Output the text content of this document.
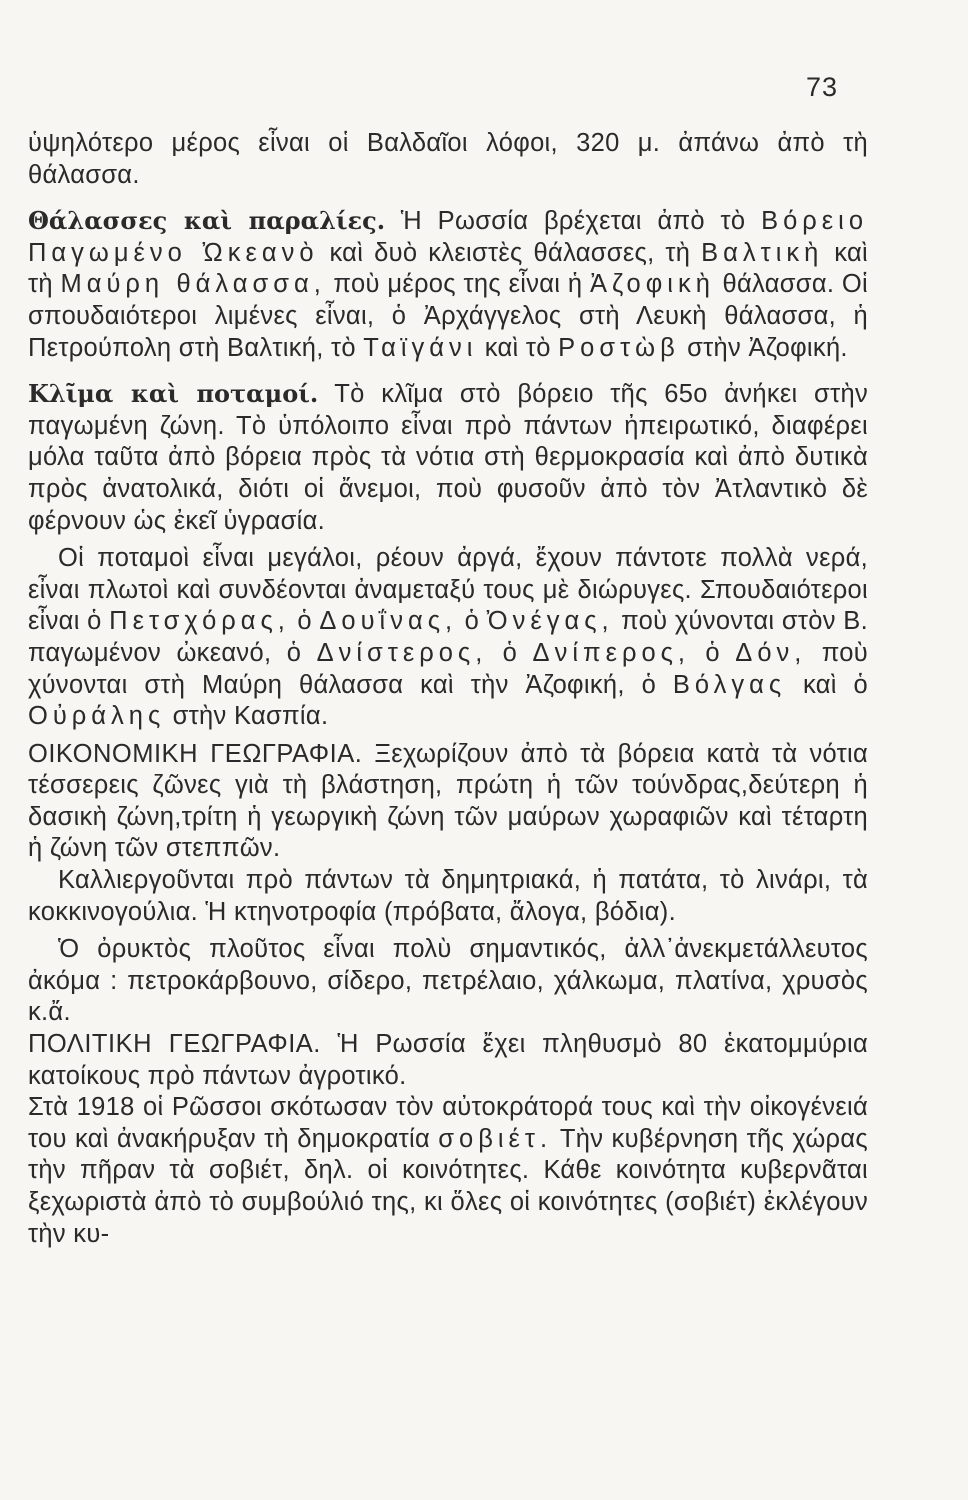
73

ὑψηλότερο μέρος εἶναι οἱ Βαλδαῖοι λόφοι, 320 μ. ἀπάνω ἀπὸ τὴ θάλασσα.

Θάλασσες καὶ παραλίες. Ἡ Ρωσσία βρέχεται ἀπὸ τὸ Βόρειο Παγωμένο Ὠκεανὸ καὶ δυὸ κλειστὲς θάλασσες, τὴ Βαλτικὴ καὶ τὴ Μαύρη θάλασσα, ποὺ μέρος της εἶναι ἡ Ἀζοφικὴ θάλασσα. Οἱ σπουδαιότεροι λιμένες εἶναι, ὁ Ἀρχάγγελος στὴ Λευκὴ θάλασσα, ἡ Πετρούπολη στὴ Βαλτική, τὸ Ταϊγάνι καὶ τὸ Ροστὼβ στὴν Ἀζοφική.

Κλῖμα καὶ ποταμοί. Τὸ κλῖμα στὸ βόρειο τῆς 65ο ἀνήκει στὴν παγωμένη ζώνη. Τὸ ὑπόλοιπο εἶναι πρὸ πάντων ἠπειρωτικό, διαφέρει μόλα ταῦτα ἀπὸ βόρεια πρὸς τὰ νότια στὴ θερμοκρασία καὶ ἀπὸ δυτικὰ πρὸς ἀνατολικά, διότι οἱ ἄνεμοι, ποὺ φυσοῦν ἀπὸ τὸν Ἀτλαντικὸ δὲ φέρνουν ὡς ἐκεῖ ὑγρασία.

Οἱ ποταμοὶ εἶναι μεγάλοι, ρέουν ἀργά, ἔχουν πάντοτε πολλὰ νερά, εἶναι πλωτοὶ καὶ συνδέονται ἀναμεταξύ τους μὲ διώρυγες. Σπουδαιότεροι εἶναι ὁ Πετσχόρας, ὁ Δουΐνας, ὁ Ὀνέγας, ποὺ χύνονται στὸν Β. παγωμένον ὠκεανό, ὁ Δνίστερος, ὁ Δνίπερος, ὁ Δόν, ποὺ χύνονται στὴ Μαύρη θάλασσα καὶ τὴν Ἀζοφική, ὁ Βόλγας καὶ ὁ Οὐράλης στὴν Κασπία.

ΟΙΚΟΝΟΜΙΚΗ ΓΕΩΓΡΑΦΙΑ. Ξεχωρίζουν ἀπὸ τὰ βόρεια κατὰ τὰ νότια τέσσερεις ζῶνες γιὰ τὴ βλάστηση, πρώτη ἡ τῶν τούνδρας,δεύτερη ἡ δασικὴ ζώνη,τρίτη ἡ γεωργικὴ ζώνη τῶν μαύρων χωραφιῶν καὶ τέταρτη ἡ ζώνη τῶν στεππῶν.

Καλλιεργοῦνται πρὸ πάντων τὰ δημητριακά, ἡ πατάτα, τὸ λινάρι, τὰ κοκκινογούλια. Ἡ κτηνοτροφία (πρόβατα, ἄλογα, βόδια).

Ὁ ὀρυκτὸς πλοῦτος εἶναι πολὺ σημαντικός, ἀλλ᾽ἀνεκμετάλλευτος ἀκόμα : πετροκάρβουνο, σίδερο, πετρέλαιο, χάλκωμα, πλατίνα, χρυσὸς κ.ἄ.

ΠΟΛΙΤΙΚΗ ΓΕΩΓΡΑΦΙΑ. Ἡ Ρωσσία ἔχει πληθυσμὸ 80 ἑκατομμύρια κατοίκους πρὸ πάντων ἀγροτικό.

Στὰ 1918 οἱ Ρῶσσοι σκότωσαν τὸν αὐτοκράτορά τους καὶ τὴν οἰκογένειά του καὶ ἀνακήρυξαν τὴ δημοκρατία σοβιέτ. Τὴν κυβέρνηση τῆς χώρας τὴν πῆραν τὰ σοβιέτ, δηλ. οἱ κοινότητες. Κάθε κοινότητα κυβερνᾶται ξεχωριστὰ ἀπὸ τὸ συμβούλιό της, κι ὅλες οἱ κοινότητες (σοβιέτ) ἐκλέγουν τὴν κυ-
